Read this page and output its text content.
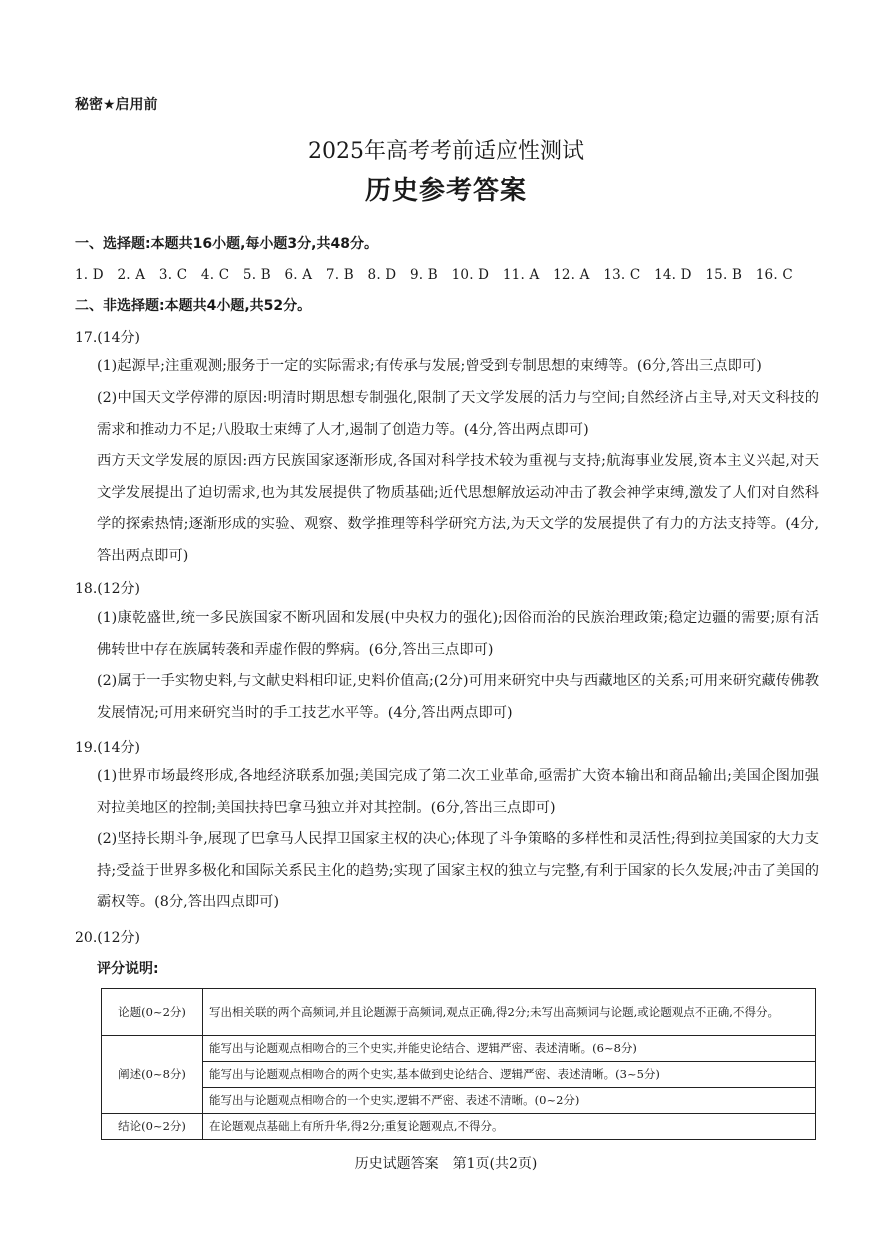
秘密★启用前
2025年高考考前适应性测试
历史参考答案
一、选择题:本题共16小题,每小题3分,共48分。
1. D　2. A　3. C　4. C　5. B　6. A　7. B　8. D　9. B　10. D　11. A　12. A　13. C　14. D　15. B　16. C
二、非选择题:本题共4小题,共52分。
17.(14分)
(1)起源早;注重观测;服务于一定的实际需求;有传承与发展;曾受到专制思想的束缚等。(6分,答出三点即可)
(2)中国天文学停滞的原因:明清时期思想专制强化,限制了天文学发展的活力与空间;自然经济占主导,对天文科技的需求和推动力不足;八股取士束缚了人才,遏制了创造力等。(4分,答出两点即可)
西方天文学发展的原因:西方民族国家逐渐形成,各国对科学技术较为重视与支持;航海事业发展,资本主义兴起,对天文学发展提出了迫切需求,也为其发展提供了物质基础;近代思想解放运动冲击了教会神学束缚,激发了人们对自然科学的探索热情;逐渐形成的实验、观察、数学推理等科学研究方法,为天文学的发展提供了有力的方法支持等。(4分,答出两点即可)
18.(12分)
(1)康乾盛世,统一多民族国家不断巩固和发展(中央权力的强化);因俗而治的民族治理政策;稳定边疆的需要;原有活佛转世中存在族属转袭和弄虚作假的弊病。(6分,答出三点即可)
(2)属于一手实物史料,与文献史料相印证,史料价值高;(2分)可用来研究中央与西藏地区的关系;可用来研究藏传佛教发展情况;可用来研究当时的手工技艺水平等。(4分,答出两点即可)
19.(14分)
(1)世界市场最终形成,各地经济联系加强;美国完成了第二次工业革命,亟需扩大资本输出和商品输出;美国企图加强对拉美地区的控制;美国扶持巴拿马独立并对其控制。(6分,答出三点即可)
(2)坚持长期斗争,展现了巴拿马人民捍卫国家主权的决心;体现了斗争策略的多样性和灵活性;得到拉美国家的大力支持;受益于世界多极化和国际关系民主化的趋势;实现了国家主权的独立与完整,有利于国家的长久发展;冲击了美国的霸权等。(8分,答出四点即可)
20.(12分)
评分说明:
论题(0~2分)	写出相关联的两个高频词,并且论题源于高频词,观点正确,得2分;未写出高频词与论题,或论题观点不正确,不得分。
阐述(0~8分)	能写出与论题观点相吻合的三个史实,并能史论结合、逻辑严密、表述清晰。(6~8分)
	能写出与论题观点相吻合的两个史实,基本做到史论结合、逻辑严密、表述清晰。(3~5分)
	能写出与论题观点相吻合的一个史实,逻辑不严密、表述不清晰。(0~2分)
结论(0~2分)	在论题观点基础上有所升华,得2分;重复论题观点,不得分。
历史试题答案　第1页(共2页)
